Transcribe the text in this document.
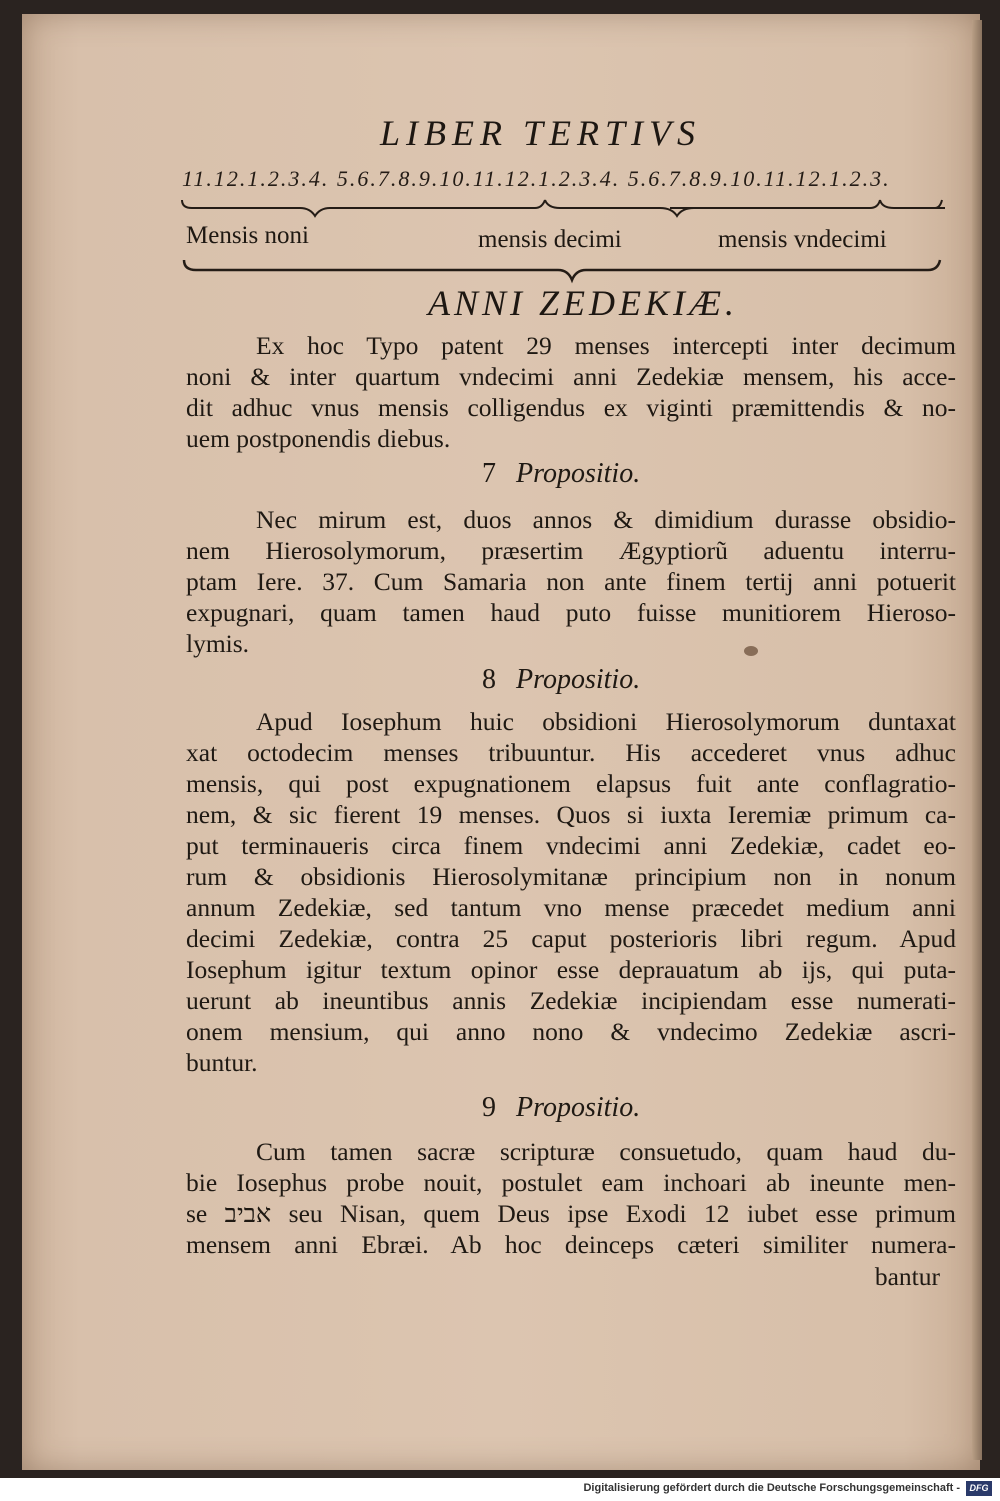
LIBER TERTIVS
11.12.1.2.3.4. 5.6.7.8.9.10.11.12.1.2.3.4. 5.6.7.8.9.10.11.12.1.2.3.
Mensis noni	mensis decimi	mensis vndecimi
ANNI ZEDEKIÆ.
Ex hoc Typo patent 29 menses intercepti inter decimum
noni & inter quartum vndecimi anni Zedekiæ mensem, his acce-
dit adhuc vnus mensis colligendus ex viginti præmittendis & no-
uem postponendis diebus.
7 Propositio.
Nec mirum est, duos annos & dimidium durasse obsidio-
nem Hierosolymorum, præsertim Ægyptiorũ aduentu interru-
ptam Iere. 37. Cum Samaria non ante finem tertij anni potuerit
expugnari, quam tamen haud puto fuisse munitiorem Hieroso-
lymis.
8 Propositio.
Apud Iosephum huic obsidioni Hierosolymorum duntaxat
xat octodecim menses tribuuntur. His accederet vnus adhuc
mensis, qui post expugnationem elapsus fuit ante conflagratio-
nem, & sic fierent 19 menses. Quos si iuxta Ieremiæ primum ca-
put terminaueris circa finem vndecimi anni Zedekiæ, cadet eo-
rum & obsidionis Hierosolymitanæ principium non in nonum
annum Zedekiæ, sed tantum vno mense præcedet medium anni
decimi Zedekiæ, contra 25 caput posterioris libri regum. Apud
Iosephum igitur textum opinor esse deprauatum ab ijs, qui puta-
uerunt ab ineuntibus annis Zedekiæ incipiendam esse numerati-
onem mensium, qui anno nono & vndecimo Zedekiæ ascri-
buntur.
9 Propositio.
Cum tamen sacræ scripturæ consuetudo, quam haud du-
bie Iosephus probe nouit, postulet eam inchoari ab ineunte men-
se אביב seu Nisan, quem Deus ipse Exodi 12 iubet esse primum
mensem anni Ebræi. Ab hoc deinceps cæteri similiter numera-
bantur
Digitalisierung gefördert durch die Deutsche Forschungsgemeinschaft -	DFG
